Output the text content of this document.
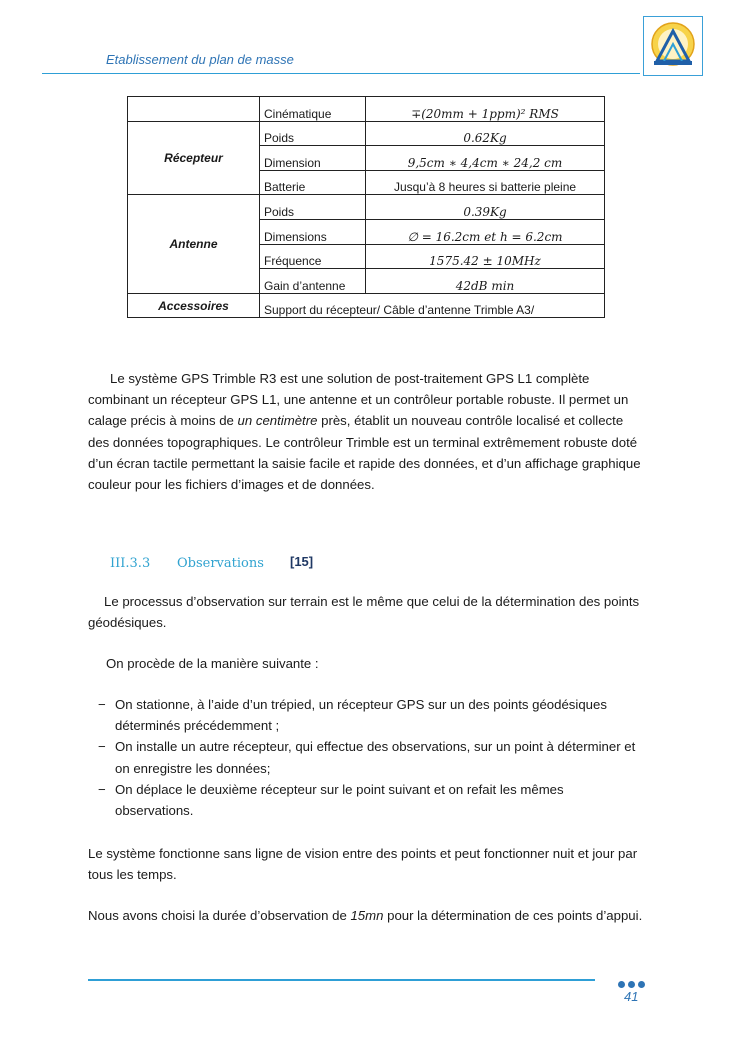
Etablissement du plan de masse
	Cinématique	∓(20mm + 1ppm)² RMS
Récepteur	Poids	0.62Kg
	Dimension	9,5cm ∗ 4,4cm ∗ 24,2 cm
	Batterie	Jusqu’à 8 heures si batterie pleine
Antenne	Poids	0.39Kg
	Dimensions	∅ = 16.2cm et h = 6.2cm
	Fréquence	1575.42 ± 10MHz
	Gain d’antenne	42dB min
Accessoires	Support du récepteur/ Câble d’antenne Trimble A3/	
Le système GPS Trimble R3 est une solution de post-traitement GPS L1 complète combinant un récepteur GPS L1, une antenne et un contrôleur portable robuste. Il permet un calage précis à moins de un centimètre près, établit un nouveau contrôle localisé et collecte des données topographiques. Le contrôleur Trimble est un terminal extrêmement robuste doté d’un écran tactile permettant la saisie facile et rapide des données, et d’un affichage graphique couleur pour les fichiers d’images et de données.
III.3.3 Observations [15]
Le processus d’observation sur terrain est le même que celui de la détermination des points géodésiques.
On procède de la manière suivante :
− On stationne, à l’aide d’un trépied, un récepteur GPS sur un des points géodésiques déterminés précédemment ;
− On installe un autre récepteur, qui effectue des observations, sur un point à déterminer et on enregistre les données;
− On déplace le deuxième récepteur sur le point suivant et on refait les mêmes observations.
Le système fonctionne sans ligne de vision entre des points et peut fonctionner nuit et jour par tous les temps.
Nous avons choisi la durée d’observation de 15mn pour la détermination de ces points d’appui.
41
